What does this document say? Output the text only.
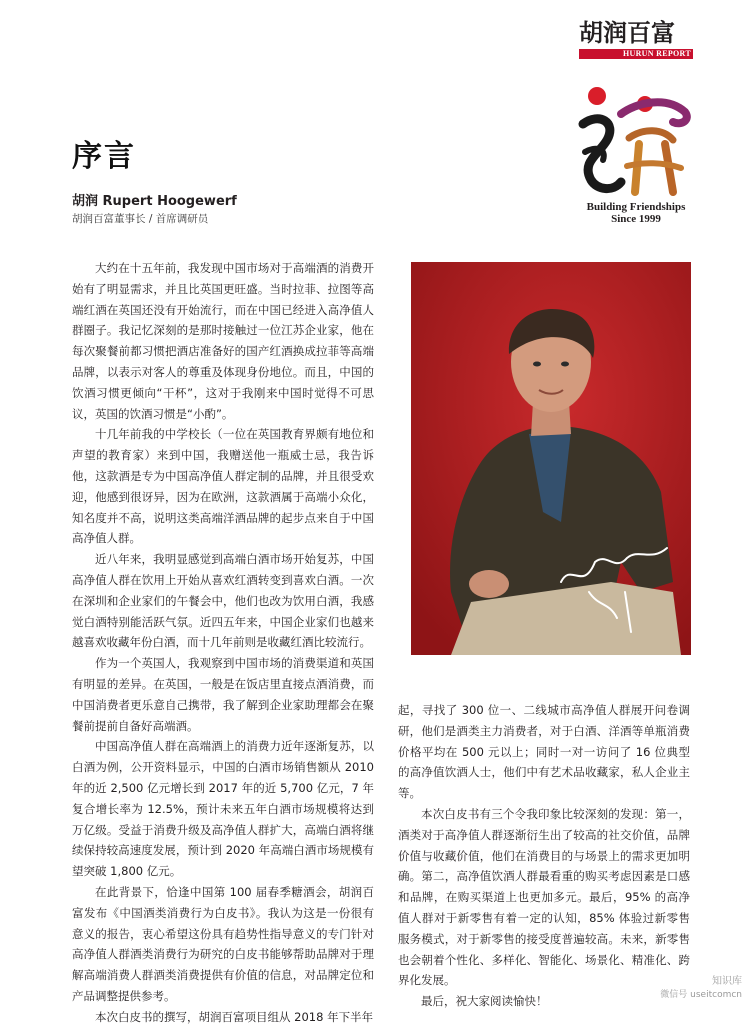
胡润百富
HURUN REPORT
Building Friendships
Since 1999
序言
胡润 Rupert Hoogewerf
胡润百富董事长 / 首席调研员

大约在十五年前，我发现中国市场对于高端酒的消费开始有了明显需求，并且比英国更旺盛。当时拉菲、拉图等高端红酒在英国还没有开始流行，而在中国已经进入高净值人群圈子。我记忆深刻的是那时接触过一位江苏企业家，他在每次聚餐前都习惯把酒店准备好的国产红酒换成拉菲等高端品牌，以表示对客人的尊重及体现身份地位。而且，中国的饮酒习惯更倾向“干杯”，这对于我刚来中国时觉得不可思议，英国的饮酒习惯是“小酌”。

十几年前我的中学校长（一位在英国教育界颇有地位和声望的教育家）来到中国，我赠送他一瓶威士忌，我告诉他，这款酒是专为中国高净值人群定制的品牌，并且很受欢迎，他感到很讶异，因为在欧洲，这款酒属于高端小众化，知名度并不高，说明这类高端洋酒品牌的起步点来自于中国高净值人群。

近八年来，我明显感觉到高端白酒市场开始复苏，中国高净值人群在饮用上开始从喜欢红酒转变到喜欢白酒。一次在深圳和企业家们的午餐会中，他们也改为饮用白酒，我感觉白酒特别能活跃气氛。近四五年来，中国企业家们也越来越喜欢收藏年份白酒，而十几年前则是收藏红酒比较流行。

作为一个英国人，我观察到中国市场的消费渠道和英国有明显的差异。在英国，一般是在饭店里直接点酒消费，而中国消费者更乐意自己携带，我了解到企业家助理都会在聚餐前提前自备好高端酒。

中国高净值人群在高端酒上的消费力近年逐渐复苏，以白酒为例，公开资料显示，中国的白酒市场销售额从 2010 年的近 2,500 亿元增长到 2017 年的近 5,700 亿元，7 年复合增长率为 12.5%，预计未来五年白酒市场规模将达到万亿级。受益于消费升级及高净值人群扩大，高端白酒将继续保持较高速度发展，预计到 2020 年高端白酒市场规模有望突破 1,800 亿元。

在此背景下，恰逢中国第 100 届春季糖酒会，胡润百富发布《中国酒类消费行为白皮书》。我认为这是一份很有意义的报告，衷心希望这份具有趋势性指导意义的专门针对高净值人群酒类消费行为研究的白皮书能够帮助品牌对于理解高端消费人群酒类消费提供有价值的信息，对品牌定位和产品调整提供参考。

本次白皮书的撰写，胡润百富项目组从 2018 年下半年

起，寻找了 300 位一、二线城市高净值人群展开问卷调研，他们是酒类主力消费者，对于白酒、洋酒等单瓶消费价格平均在 500 元以上；同时一对一访问了 16 位典型的高净值饮酒人士，他们中有艺术品收藏家，私人企业主等。

本次白皮书有三个令我印象比较深刻的发现：第一，酒类对于高净值人群逐渐衍生出了较高的社交价值，品牌价值与收藏价值，他们在消费目的与场景上的需求更加明确。第二，高净值饮酒人群最看重的购买考虑因素是口感和品牌，在购买渠道上也更加多元。最后，95% 的高净值人群对于新零售有着一定的认知，85% 体验过新零售服务模式，对于新零售的接受度普遍较高。未来，新零售也会朝着个性化、多样化、智能化、场景化、精准化、跨界化发展。

最后，祝大家阅读愉快！

知识库
微信号 useitcomcn
